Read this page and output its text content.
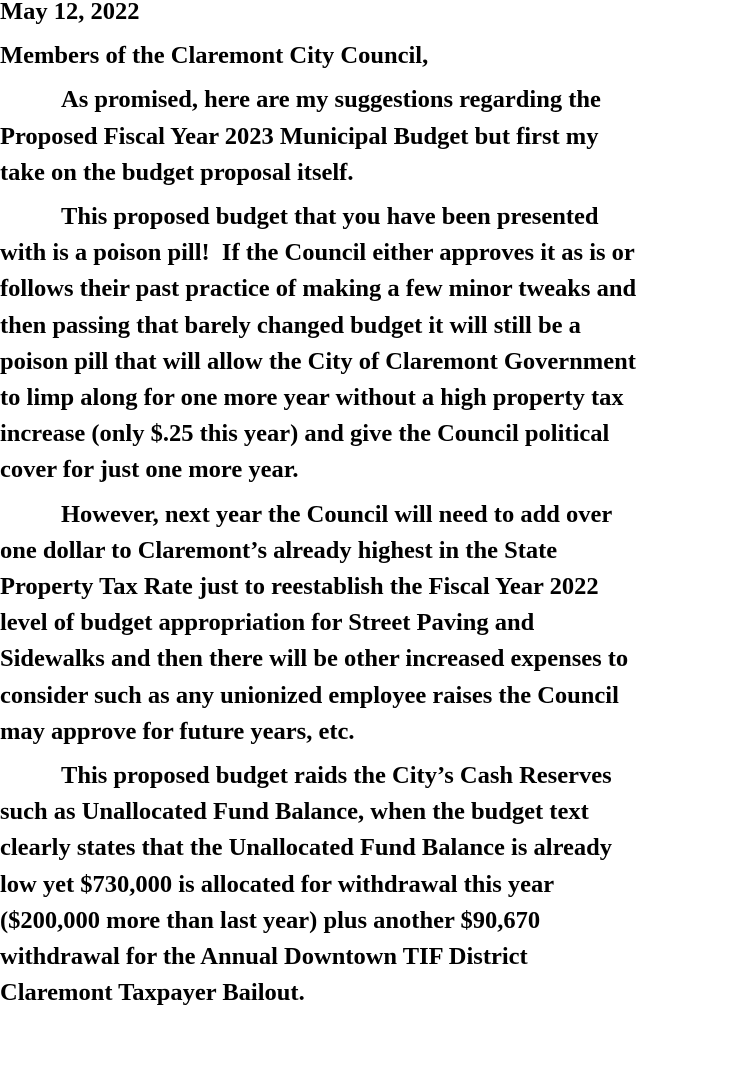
May 12, 2022
Members of the Claremont City Council,
As promised, here are my suggestions regarding the
Proposed Fiscal Year 2023 Municipal Budget but first my
take on the budget proposal itself.
This proposed budget that you have been presented
with is a poison pill!  If the Council either approves it as is or
follows their past practice of making a few minor tweaks and
then passing that barely changed budget it will still be a
poison pill that will allow the City of Claremont Government
to limp along for one more year without a high property tax
increase (only $.25 this year) and give the Council political
cover for just one more year.
However, next year the Council will need to add over
one dollar to Claremont’s already highest in the State
Property Tax Rate just to reestablish the Fiscal Year 2022
level of budget appropriation for Street Paving and
Sidewalks and then there will be other increased expenses to
consider such as any unionized employee raises the Council
may approve for future years, etc.
This proposed budget raids the City’s Cash Reserves
such as Unallocated Fund Balance, when the budget text
clearly states that the Unallocated Fund Balance is already
low yet $730,000 is allocated for withdrawal this year
($200,000 more than last year) plus another $90,670
withdrawal for the Annual Downtown TIF District
Claremont Taxpayer Bailout.
